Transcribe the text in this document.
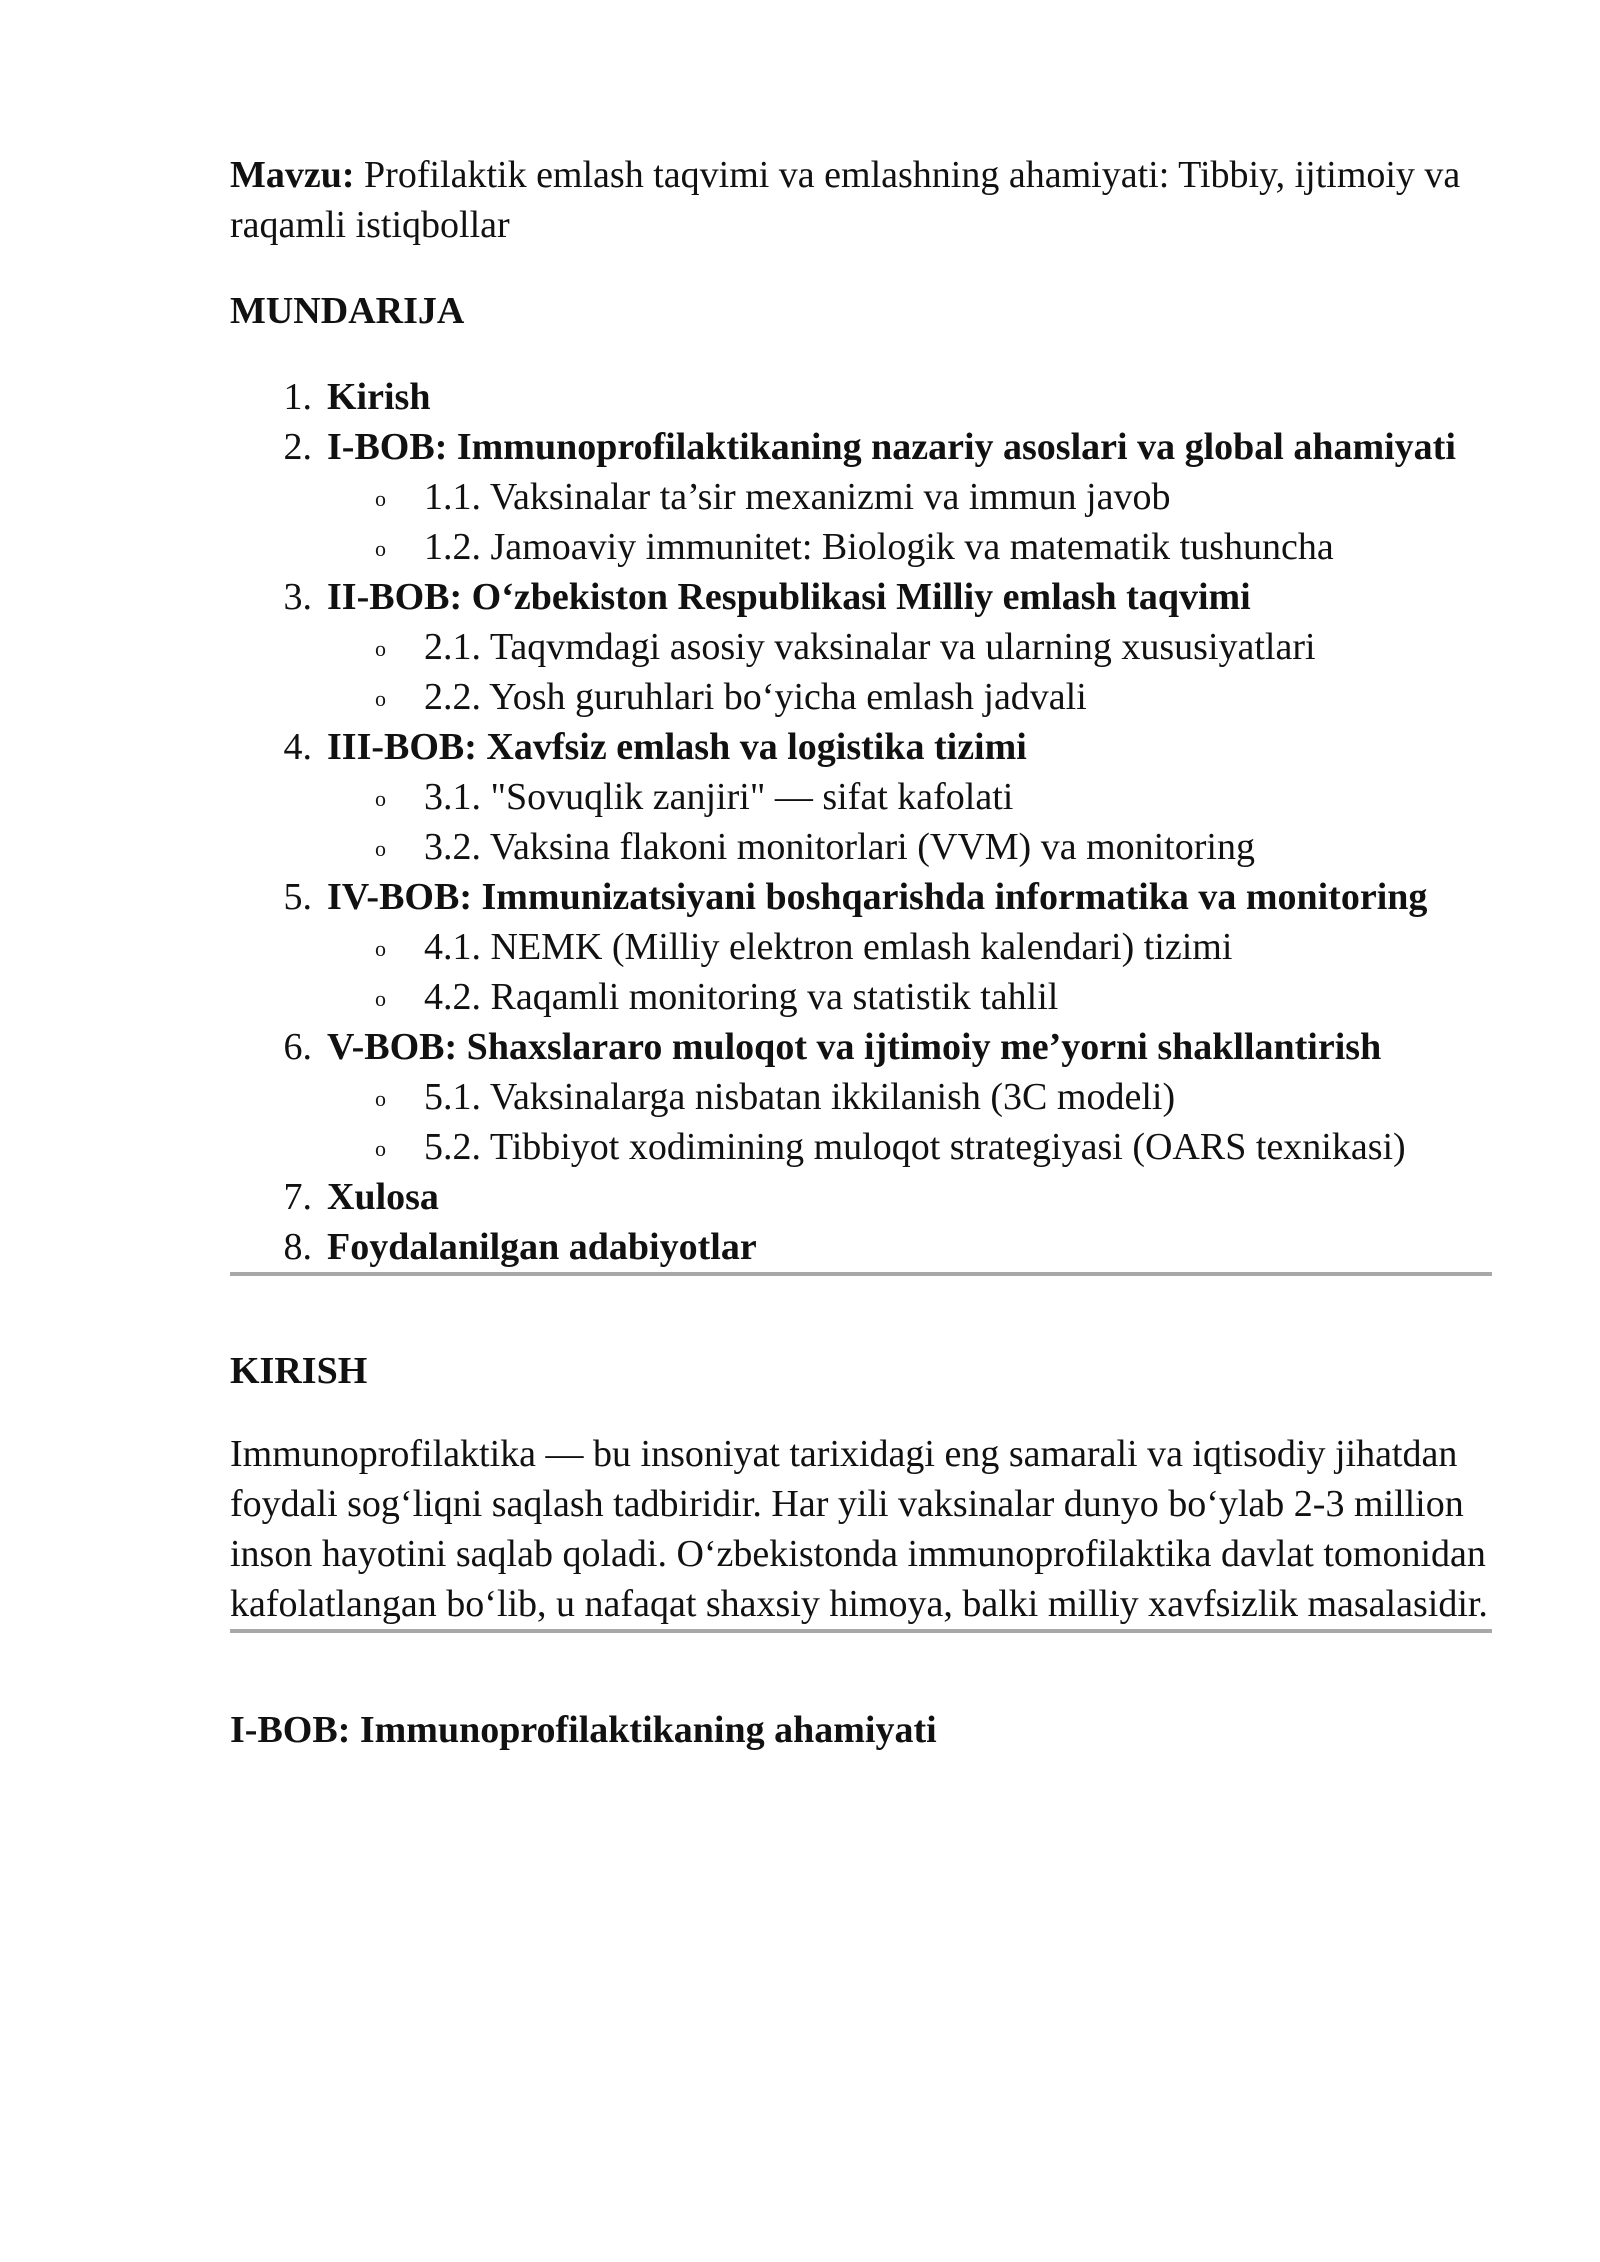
Mavzu: Profilaktik emlash taqvimi va emlashning ahamiyati: Tibbiy, ijtimoiy va raqamli istiqbollar

MUNDARIJA

1. Kirish
2. I-BOB: Immunoprofilaktikaning nazariy asoslari va global ahamiyati
o 1.1. Vaksinalar ta’sir mexanizmi va immun javob
o 1.2. Jamoaviy immunitet: Biologik va matematik tushuncha
3. II-BOB: O‘zbekiston Respublikasi Milliy emlash taqvimi
o 2.1. Taqvmdagi asosiy vaksinalar va ularning xususiyatlari
o 2.2. Yosh guruhlari bo‘yicha emlash jadvali
4. III-BOB: Xavfsiz emlash va logistika tizimi
o 3.1. "Sovuqlik zanjiri" — sifat kafolati
o 3.2. Vaksina flakoni monitorlari (VVM) va monitoring
5. IV-BOB: Immunizatsiyani boshqarishda informatika va monitoring
o 4.1. NEMK (Milliy elektron emlash kalendari) tizimi
o 4.2. Raqamli monitoring va statistik tahlil
6. V-BOB: Shaxslararo muloqot va ijtimoiy me’yorni shakllantirish
o 5.1. Vaksinalarga nisbatan ikkilanish (3C modeli)
o 5.2. Tibbiyot xodimining muloqot strategiyasi (OARS texnikasi)
7. Xulosa
8. Foydalanilgan adabiyotlar

KIRISH

Immunoprofilaktika — bu insoniyat tarixidagi eng samarali va iqtisodiy jihatdan foydali sog‘liqni saqlash tadbiridir. Har yili vaksinalar dunyo bo‘ylab 2-3 million inson hayotini saqlab qoladi. O‘zbekistonda immunoprofilaktika davlat tomonidan kafolatlangan bo‘lib, u nafaqat shaxsiy himoya, balki milliy xavfsizlik masalasidir.

I-BOB: Immunoprofilaktikaning ahamiyati
